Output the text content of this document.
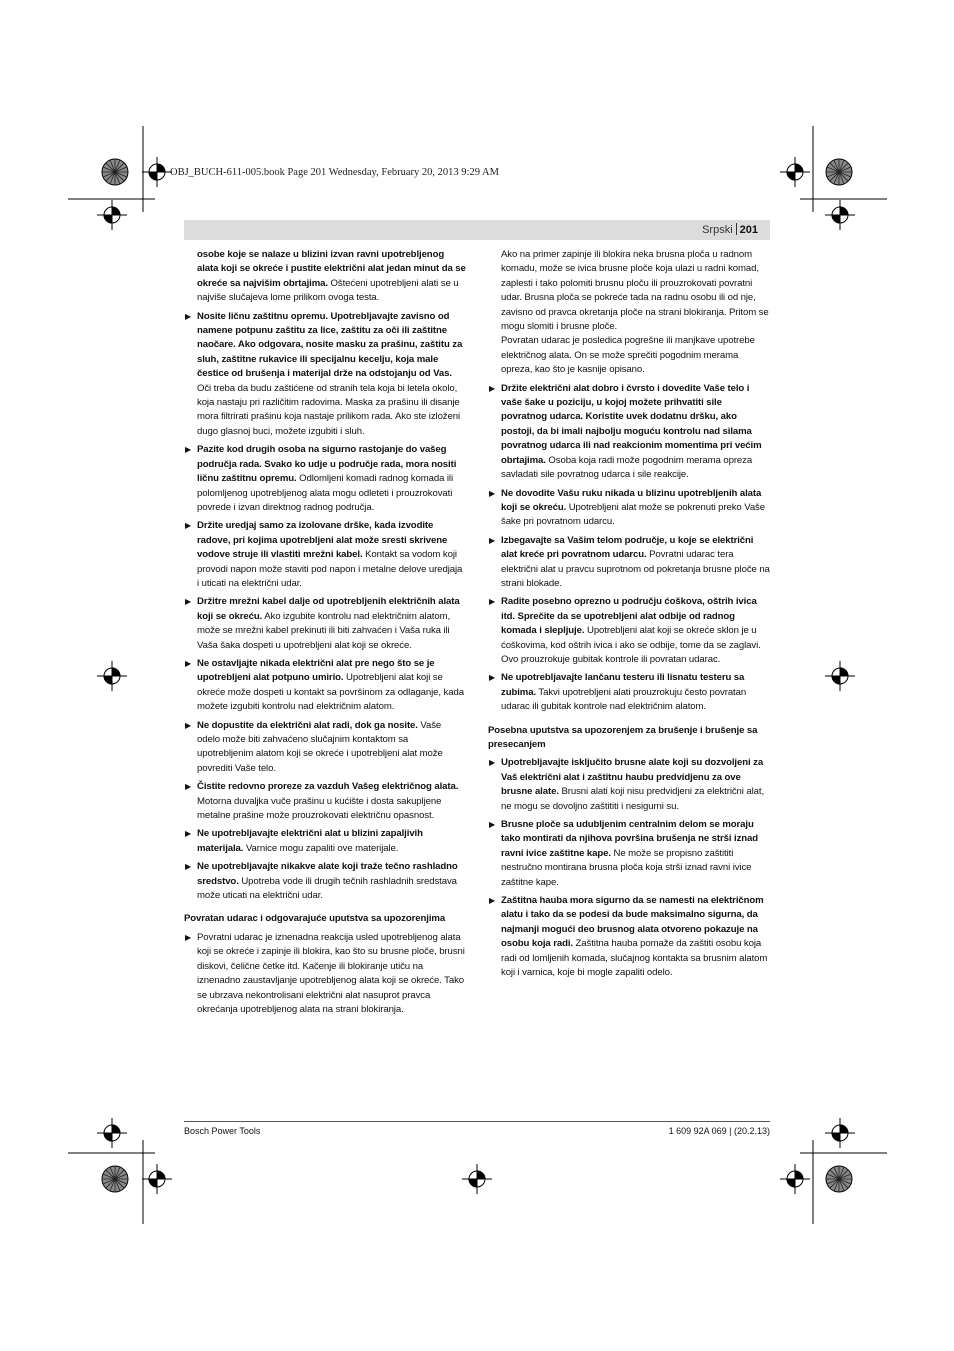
OBJ_BUCH-611-005.book Page 201 Wednesday, February 20, 2013 9:29 AM
Srpski 201

osobe koje se nalaze u blizini izvan ravni upotrebljenog alata koji se okreće i pustite električni alat jedan minut da se okreće sa najvišim obrtajima. Oštećeni upotrebljeni alati se u najviše slučajeva lome prilikom ovoga testa.

▶ Nosite ličnu zaštitnu opremu. Upotrebljavajte zavisno od namene potpunu zaštitu za lice, zaštitu za oči ili zaštitne naočare. Ako odgovara, nosite masku za prašinu, zaštitu za sluh, zaštitne rukavice ili specijalnu kecelju, koja male čestice od brušenja i materijal drže na odstojanju od Vas. Oči treba da budu zaštićene od stranih tela koja bi letela okolo, koja nastaju pri različitim radovima. Maska za prašinu ili disanje mora filtrirati prašinu koja nastaje prilikom rada. Ako ste izloženi dugo glasnoj buci, možete izgubiti i sluh.

▶ Pazite kod drugih osoba na sigurno rastojanje do vašeg područja rada. Svako ko udje u područje rada, mora nositi ličnu zaštitnu opremu. Odlomljeni komadi radnog komada ili polomljenog upotrebljenog alata mogu odleteti i prouzrokovati povrede i izvan direktnog radnog područja.

▶ Držite uredjaj samo za izolovane drške, kada izvodite radove, pri kojima upotrebljeni alat može sresti skrivene vodove struje ili vlastiti mrežni kabel. Kontakt sa vodom koji provodi napon može staviti pod napon i metalne delove uredjaja i uticati na električni udar.

▶ Držitre mrežni kabel dalje od upotrebljenih električnih alata koji se okreću. Ako izgubite kontrolu nad električnim alatom, može se mrežni kabel prekinuti ili biti zahvaćen i Vaša ruka ili Vaša šaka dospeti u upotrebljeni alat koji se okreće.

▶ Ne ostavljajte nikada električni alat pre nego što se je upotrebljeni alat potpuno umirio. Upotrebljeni alat koji se okreće može dospeti u kontakt sa površinom za odlaganje, kada možete izgubiti kontrolu nad električnim alatom.

▶ Ne dopustite da električni alat radi, dok ga nosite. Vaše odelo može biti zahvaćeno slučajnim kontaktom sa upotrebljenim alatom koji se okreće i upotrebljeni alat može povrediti Vaše telo.

▶ Čistite redovno proreze za vazduh Vašeg električnog alata. Motorna duvaljka vuče prašinu u kućište i dosta sakupljene metalne prašine može prouzrokovati električnu opasnost.

▶ Ne upotrebljavajte električni alat u blizini zapaljivih materijala. Varnice mogu zapaliti ove materijale.

▶ Ne upotrebljavajte nikakve alate koji traže tečno rashladno sredstvo. Upotreba vode ili drugih tečnih rashladnih sredstava može uticati na električni udar.

Povratan udarac i odgovarajuće uputstva sa upozorenjima

▶ Povratni udarac je iznenadna reakcija usled upotrebljenog alata koji se okreće i zapinje ili blokira, kao što su brusne ploče, brusni diskovi, čelične četke itd. Kačenje ili blokiranje utiču na iznenadno zaustavljanje upotrebljenog alata koji se okreće. Tako se ubrzava nekontrolisani električni alat nasuprot pravca okrećanja upotrebljenog alata na strani blokiranja.

Ako na primer zapinje ili blokira neka brusna ploča u radnom komadu, može se ivica brusne ploče koja ulazi u radni komad, zaplesti i tako polomiti brusnu ploču ili prouzrokovati povratni udar. Brusna ploča se pokreće tada na radnu osobu ili od nje, zavisno od pravca okretanja ploče na strani blokiranja. Pritom se mogu slomiti i brusne ploče.

Povratan udarac je posledica pogrešne ili manjkave upotrebe električnog alata. On se može sprečiti pogodnim merama opreza, kao što je kasnije opisano.

▶ Držite električni alat dobro i čvrsto i dovedite Vaše telo i vaše šake u poziciju, u kojoj možete prihvatiti sile povratnog udarca. Koristite uvek dodatnu dršku, ako postoji, da bi imali najbolju moguću kontrolu nad silama povratnog udarca ili nad reakcionim momentima pri većim obrtajima. Osoba koja radi može pogodnim merama opreza savladati sile povratnog udarca i sile reakcije.

▶ Ne dovodite Vašu ruku nikada u blizinu upotrebljenih alata koji se okreću. Upotrebljeni alat može se pokrenuti preko Vaše šake pri povratnom udarcu.

▶ Izbegavajte sa Vašim telom područje, u koje se električni alat kreće pri povratnom udarcu. Povratni udarac tera električni alat u pravcu suprotnom od pokretanja brusne ploče na strani blokade.

▶ Radite posebno oprezno u području ćoškova, oštrih ivica itd. Sprečite da se upotrebljeni alat odbije od radnog komada i sleplјuje. Upotrebljeni alat koji se okreće sklon je u ćoškovima, kod oštrih ivica i ako se odbije, tome da se zaglavi. Ovo prouzrokuje gubitak kontrole ili povratan udarac.

▶ Ne upotrebljavajte lančanu testeru ili lisnatu testeru sa zubima. Takvi upotrebljeni alati prouzrokuju često povratan udarac ili gubitak kontrole nad električnim alatom.

Posebna uputstva sa upozorenjem za brušenje i brušenje sa presecanjem

▶ Upotrebljavajte isključito brusne alate koji su dozvoljeni za Vaš električni alat i zaštitnu haubu predvidjenu za ove brusne alate. Brusni alati koji nisu predvidjeni za električni alat, ne mogu se dovoljno zaštititi i nesigurni su.

▶ Brusne ploče sa udubljenim centralnim delom se moraju tako montirati da njihova površina brušenja ne strši iznad ravni ivice zaštitne kape. Ne može se propisno zaštititi nestručno montirana brusna ploča koja strši iznad ravni ivice zaštitne kape.

▶ Zaštitna hauba mora sigurno da se namesti na električnom alatu i tako da se podesi da bude maksimalno sigurna, da najmanji mogući deo brusnog alata otvoreno pokazuje na osobu koja radi. Zaštitna hauba pomaže da zaštiti osobu koja radi od lomljenih komada, slučajnog kontakta sa brusnim alatom koji i varnica, koje bi mogle zapaliti odelo.

Bosch Power Tools	1 609 92A 069 | (20.2.13)
